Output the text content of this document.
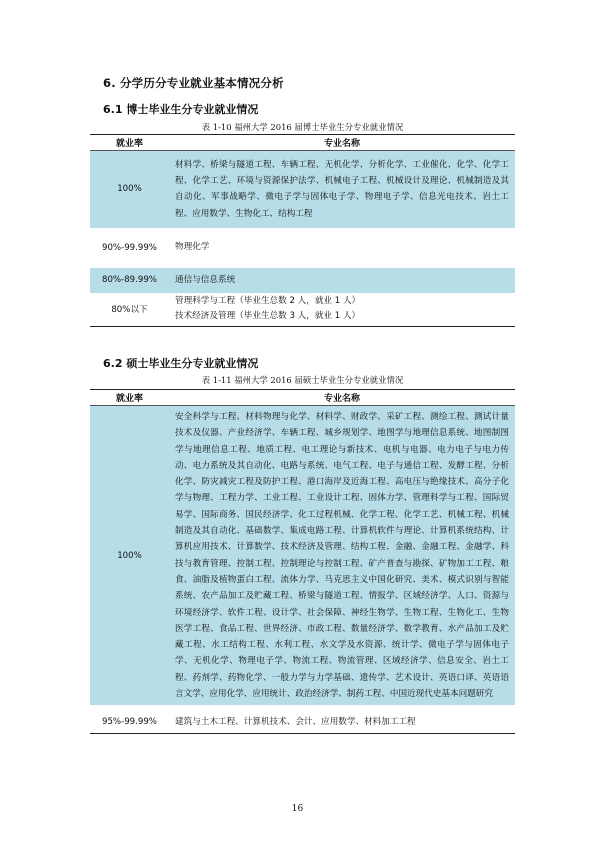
6. 分学历分专业就业基本情况分析
6.1 博士毕业生分专业就业情况
表 1-10 福州大学 2016 届博士毕业生分专业就业情况
就业率	专业名称
100%	材料学、桥梁与隧道工程、车辆工程、无机化学、分析化学、工业催化、化学、化学工程、化学工艺、环境与资源保护法学、机械电子工程、机械设计及理论、机械制造及其自动化、军事战略学、微电子学与固体电子学、物理电子学、信息光电技术、岩土工程、应用数学、生物化工、结构工程

90%-99.99%	物理化学

80%-89.99%	通信与信息系统
80%以下	管理科学与工程（毕业生总数 2 人，就业 1 人）
技术经济及管理（毕业生总数 3 人，就业 1 人）
6.2 硕士毕业生分专业就业情况
表 1-11 福州大学 2016 届硕士毕业生分专业就业情况
就业率	专业名称
100%	安全科学与工程、材料物理与化学、材料学、财政学、采矿工程、测绘工程、测试计量技术及仪器、产业经济学、车辆工程、城乡规划学、地图学与地理信息系统、地图制图学与地理信息工程、地质工程、电工理论与新技术、电机与电器、电力电子与电力传动、电力系统及其自动化、电路与系统、电气工程、电子与通信工程、发酵工程、分析化学、防灾减灾工程及防护工程、港口海岸及近海工程、高电压与绝缘技术、高分子化学与物理、工程力学、工业工程、工业设计工程、固体力学、管理科学与工程、国际贸易学、国际商务、国民经济学、化工过程机械、化学工程、化学工艺、机械工程、机械制造及其自动化、基础数学、集成电路工程、计算机软件与理论、计算机系统结构、计算机应用技术、计算数学、技术经济及管理、结构工程、金融、金融工程、金融学、科技与教育管理、控制工程、控制理论与控制工程、矿产普查与勘探、矿物加工工程、粮食、油脂及植物蛋白工程、流体力学、马克思主义中国化研究、美术、模式识别与智能系统、农产品加工及贮藏工程、桥梁与隧道工程、情报学、区域经济学、人口、资源与环境经济学、软件工程、设计学、社会保障、神经生物学、生物工程、生物化工、生物医学工程、食品工程、世界经济、市政工程、数量经济学、数学教育、水产品加工及贮藏工程、水工结构工程、水利工程、水文学及水资源、统计学、微电子学与固体电子学、无机化学、物理电子学、物流工程、物流管理、区域经济学、信息安全、岩土工程、药剂学、药物化学、一般力学与力学基础、遗传学、艺术设计、英语口译、英语语言文学、应用化学、应用统计、政治经济学、制药工程、中国近现代史基本问题研究

95%-99.99%	建筑与土木工程、计算机技术、会计、应用数学、材料加工工程
16
